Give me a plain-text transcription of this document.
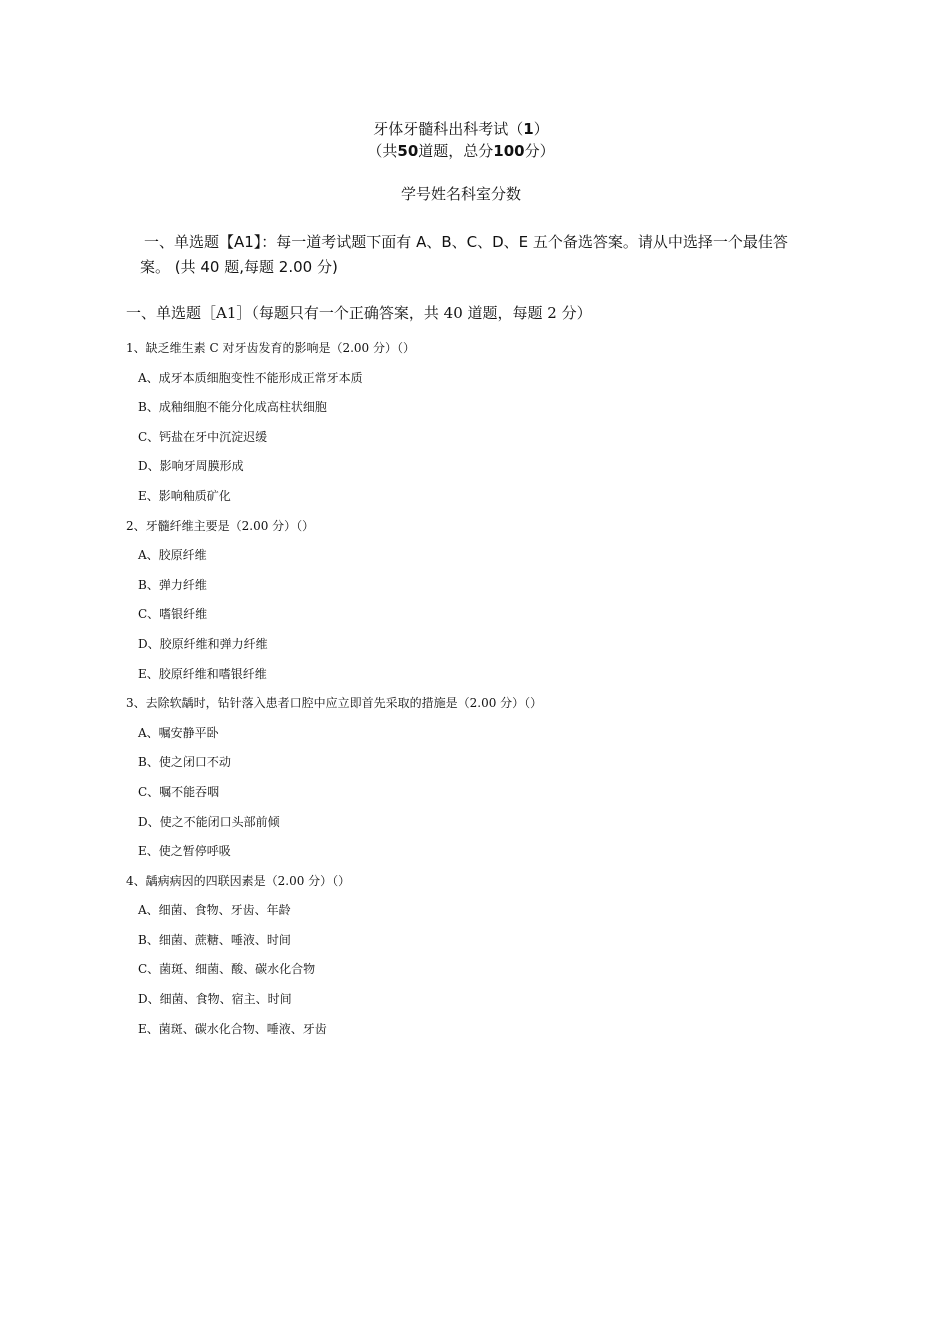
牙体牙髓科出科考试（1）
（共50道题，总分100分）
学号姓名科室分数
一、单选题【A1】：每一道考试题下面有 A、B、C、D、E 五个备选答案。请从中选择一个最佳答案。 (共 40 题,每题 2.00 分)
一、单选题［A1］（每题只有一个正确答案，共 40 道题，每题 2 分）
1、缺乏维生素 C 对牙齿发育的影响是（2.00 分）（）
A、成牙本质细胞变性不能形成正常牙本质
B、成釉细胞不能分化成高柱状细胞
C、钙盐在牙中沉淀迟缓
D、影响牙周膜形成
E、影响釉质矿化
2、牙髓纤维主要是（2.00 分）（）
A、胶原纤维
B、弹力纤维
C、嗜银纤维
D、胶原纤维和弹力纤维
E、胶原纤维和嗜银纤维
3、去除软龋时，钻针落入患者口腔中应立即首先采取的措施是（2.00 分）（）
A、嘱安静平卧
B、使之闭口不动
C、嘱不能吞咽
D、使之不能闭口头部前倾
E、使之暂停呼吸
4、龋病病因的四联因素是（2.00 分）（）
A、细菌、食物、牙齿、年龄
B、细菌、蔗糖、唾液、时间
C、菌斑、细菌、酸、碳水化合物
D、细菌、食物、宿主、时间
E、菌斑、碳水化合物、唾液、牙齿
